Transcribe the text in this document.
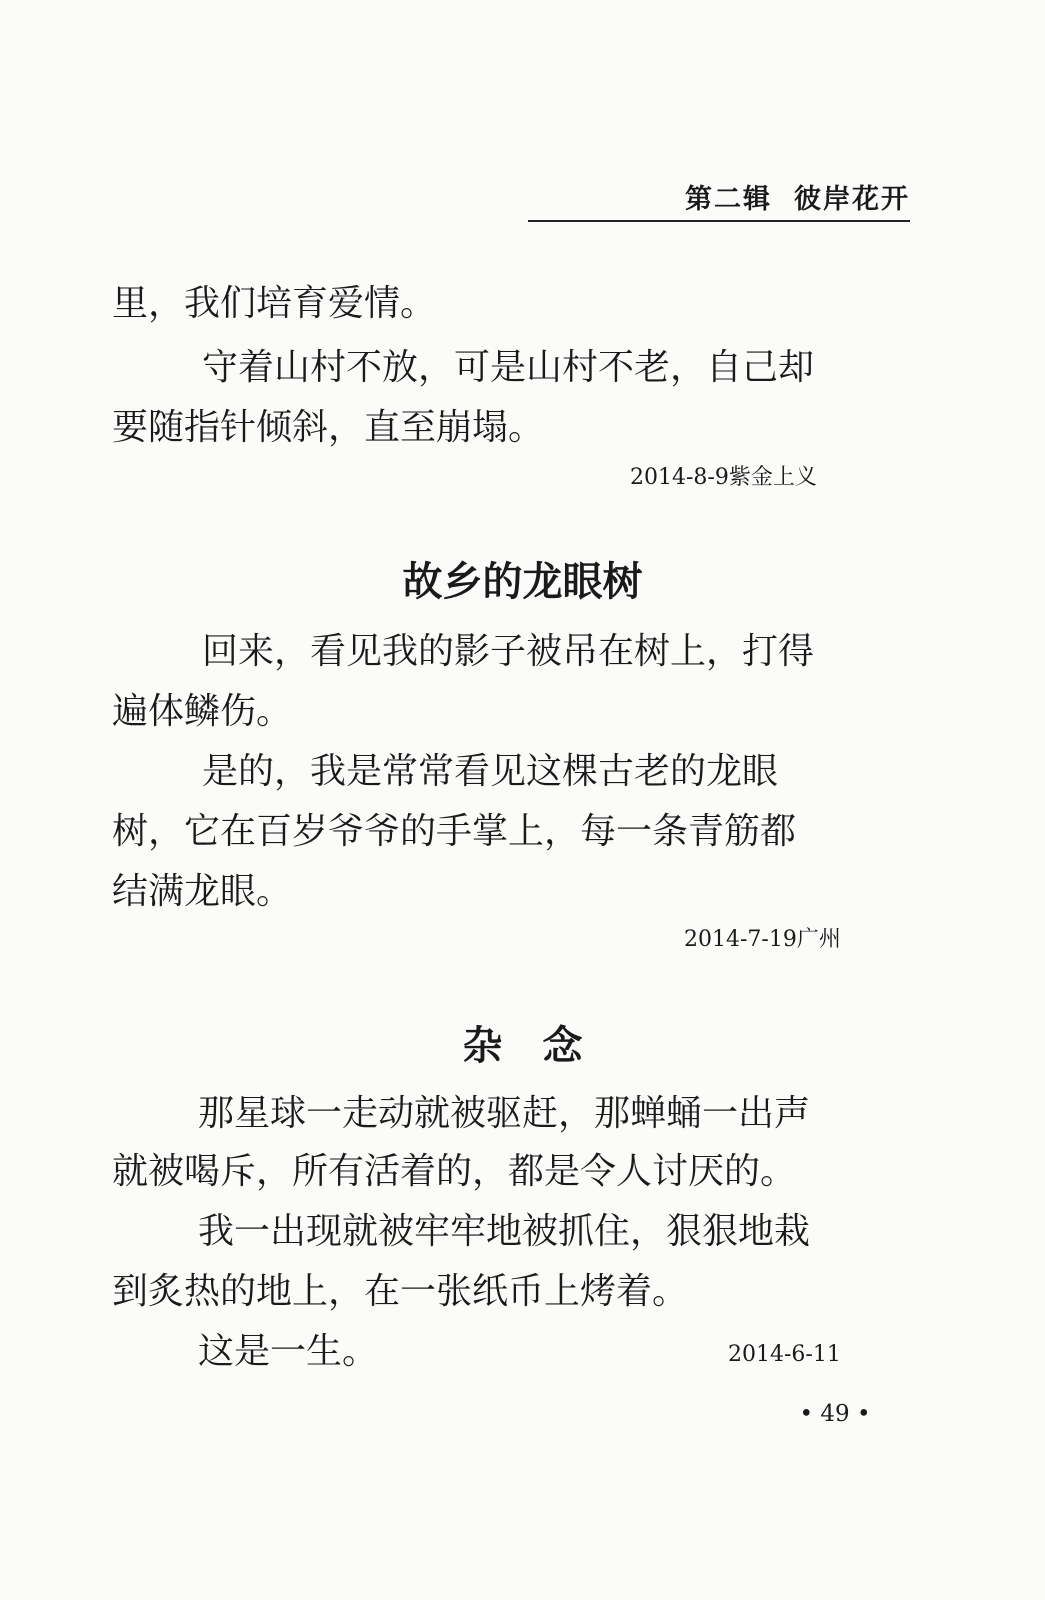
第二辑 彼岸花开

里，我们培育爱情。

守着山村不放，可是山村不老，自己却

要随指针倾斜，直至崩塌。

2014-8-9紫金上义
故乡的龙眼树

回来，看见我的影子被吊在树上，打得

遍体鳞伤。

是的，我是常常看见这棵古老的龙眼

树，它在百岁爷爷的手掌上，每一条青筋都
结满龙眼。

2014-7-19广州
杂　念

那星球一走动就被驱赶，那蝉蛹一出声

就被喝斥，所有活着的，都是令人讨厌的。

我一出现就被牢牢地被抓住，狠狠地栽

到炙热的地上，在一张纸币上烤着。

这是一生。	2014-6-11
• 49 •
